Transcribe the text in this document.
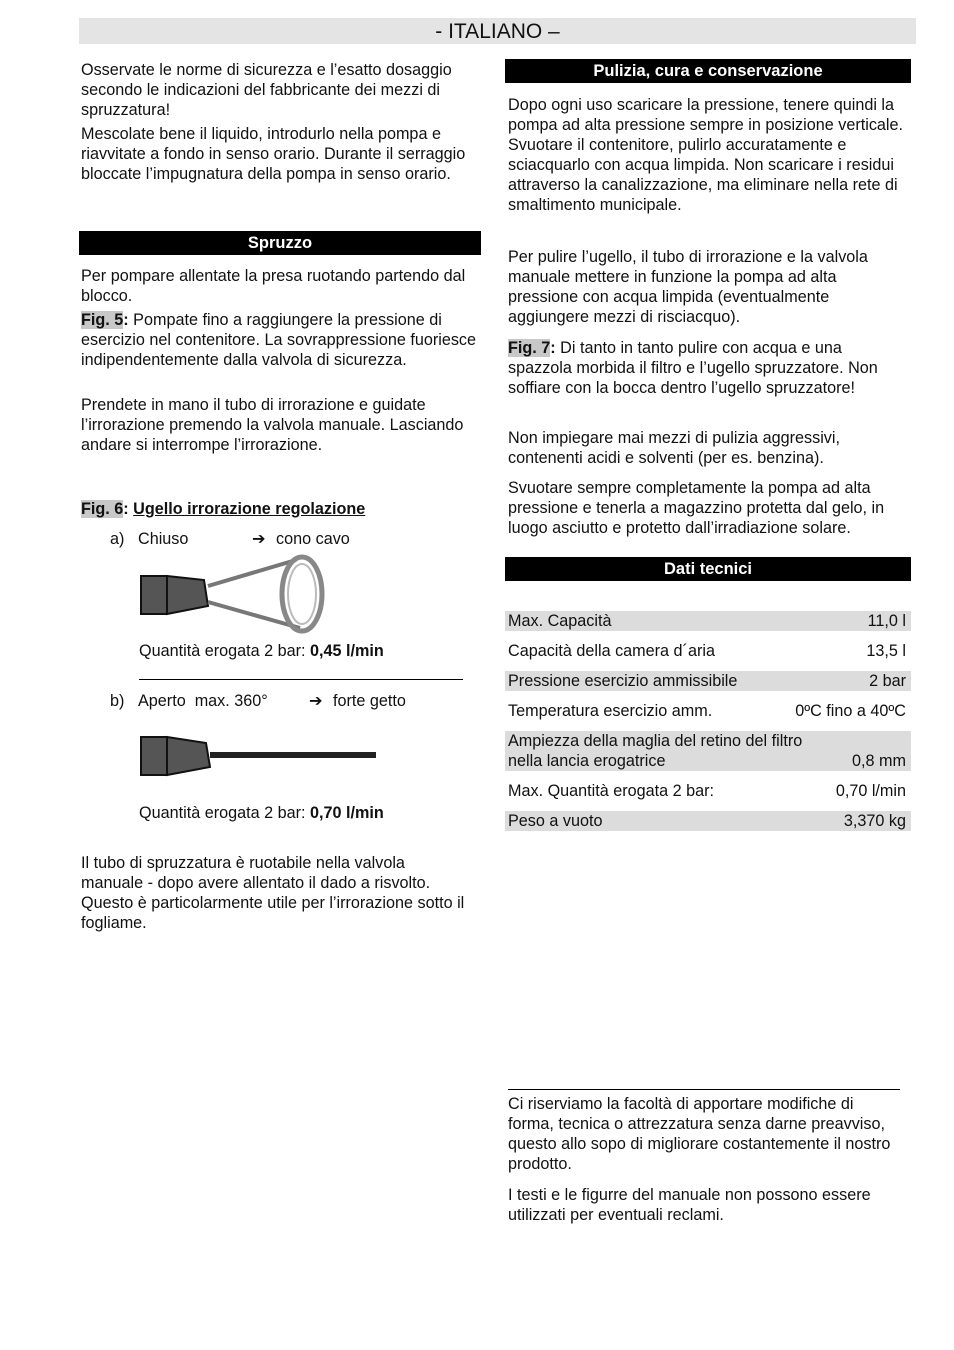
- ITALIANO –

Osservate le norme di sicurezza e l’esatto dosaggio secondo le indicazioni del fabbricante dei mezzi di spruzzatura!

Mescolate bene il liquido, introdurlo nella pompa e riavvitate a fondo in senso orario. Durante il serraggio bloccate l’impugnatura della pompa in senso orario.

Spruzzo

Per pompare allentate la presa ruotando partendo dal blocco.

Fig. 5: Pompate fino a raggiungere la pressione di esercizio nel contenitore. La sovrappressione fuoriesce indipendentemente dalla valvola di sicurezza.

Prendete in mano il tubo di irrorazione e guidate l’irrorazione premendo la valvola manuale. Lasciando andare si interrompe l’irrorazione.

Fig. 6: Ugello irrorazione regolazione

a) Chiuso	➔ cono cavo

Quantità erogata 2 bar: 0,45 l/min

b) Aperto  max. 360°	➔ forte getto

Quantità erogata 2 bar: 0,70 l/min

Il tubo di spruzzatura è ruotabile nella valvola manuale - dopo avere allentato il dado a risvolto. Questo è particolarmente utile per l’irrorazione sotto il fogliame.

Pulizia, cura e conservazione

Dopo ogni uso scaricare la pressione, tenere quindi la pompa ad alta pressione sempre in posizione verticale. Svuotare il contenitore, pulirlo accuratamente e sciacquarlo con acqua limpida. Non scaricare i residui attraverso la canalizzazione, ma eliminare nella rete di smaltimento municipale.

Per pulire l’ugello, il tubo di irrorazione e la valvola manuale mettere in funzione la pompa ad alta pressione con acqua limpida (eventualmente aggiungere mezzi di risciacquo).

Fig. 7: Di tanto in tanto pulire con acqua e una spazzola morbida il filtro e l’ugello spruzzatore. Non soffiare con la bocca dentro l’ugello spruzzatore!

Non impiegare mai mezzi di pulizia aggressivi, contenenti acidi e solventi (per es. benzina).

Svuotare sempre completamente la pompa ad alta pressione e tenerla a magazzino protetta dal gelo, in luogo asciutto e protetto dall’irradiazione solare.

Dati tecnici
Max. Capacità	11,0 l
Capacità della camera d´aria	13,5 l
Pressione esercizio ammissibile	2 bar
Temperatura esercizio amm.	0ºC fino a 40ºC
Ampiezza della maglia del retino del filtro nella lancia erogatrice	0,8 mm
Max. Quantità erogata 2 bar:	0,70 l/min
Peso a vuoto	3,370 kg

Ci riserviamo la facoltà di apportare modifiche di forma, tecnica o attrezzatura senza darne preavviso, questo allo sopo di migliorare costantemente il nostro prodotto.

I testi e le figurre del manuale non possono essere utilizzati per eventuali reclami.
